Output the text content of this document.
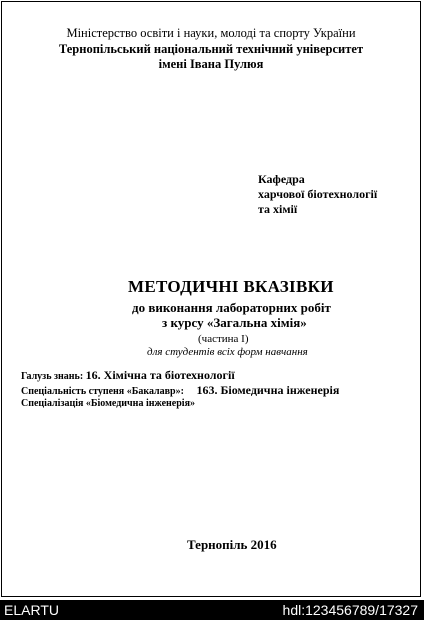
Міністерство освіти і науки, молоді та спорту України
Тернопільський національний технічний університет
імені Івана Пулюя
Кафедра
харчової біотехнології
та хімії
МЕТОДИЧНІ ВКАЗІВКИ
до виконання лабораторних робіт
з курсу «Загальна хімія»
(частина І)
для студентів всіх форм навчання
Галузь знань: 16. Хімічна та біотехнології
Спеціальність ступеня «Бакалавр»: 163. Біомедична інженерія
Спеціалізація «Біомедична інженерія»
Тернопіль 2016
ELARTU	hdl:123456789/17327
